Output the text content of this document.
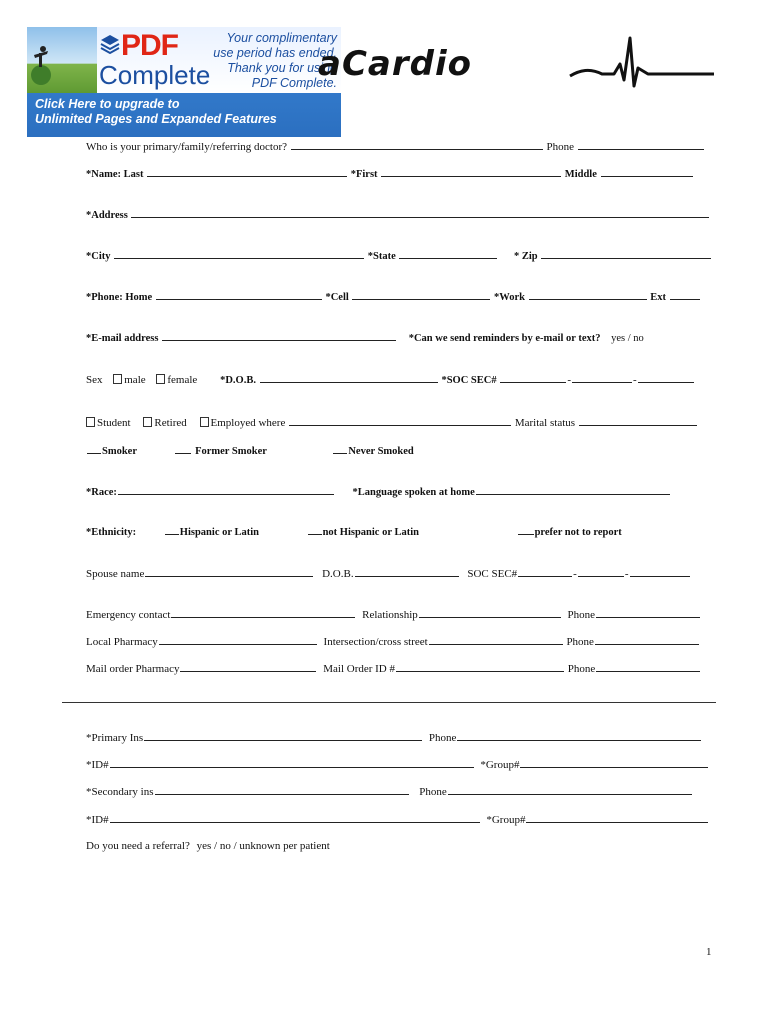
PDF
Complete
Your complimentary
use period has ended.
Thank you for using
PDF Complete.
Click Here to upgrade to
Unlimited Pages and Expanded Features
aCardio
Who is your primary/family/referring doctor?	Phone
*Name: Last	*First	Middle
*Address
*City	*State	* Zip
*Phone: Home	*Cell	*Work	Ext
*E-mail address	*Can we send reminders by e-mail or text? yes / no
Sex male female *D.O.B.	*SOC SEC#	-	-
Student Retired Employed where	Marital status
Smoker	Former Smoker	Never Smoked
*Race:	*Language spoken at home
*Ethnicity:	Hispanic or Latin	not Hispanic or Latin	prefer not to report
Spouse name	D.O.B.	SOC SEC#	-	-
Emergency contact	Relationship	Phone
Local Pharmacy	Intersection/cross street	Phone
Mail order Pharmacy	Mail Order ID #	Phone
*Primary Ins	Phone
*ID#	*Group#
*Secondary ins	Phone
*ID#	*Group#
Do you need a referral? yes / no / unknown per patient
1
